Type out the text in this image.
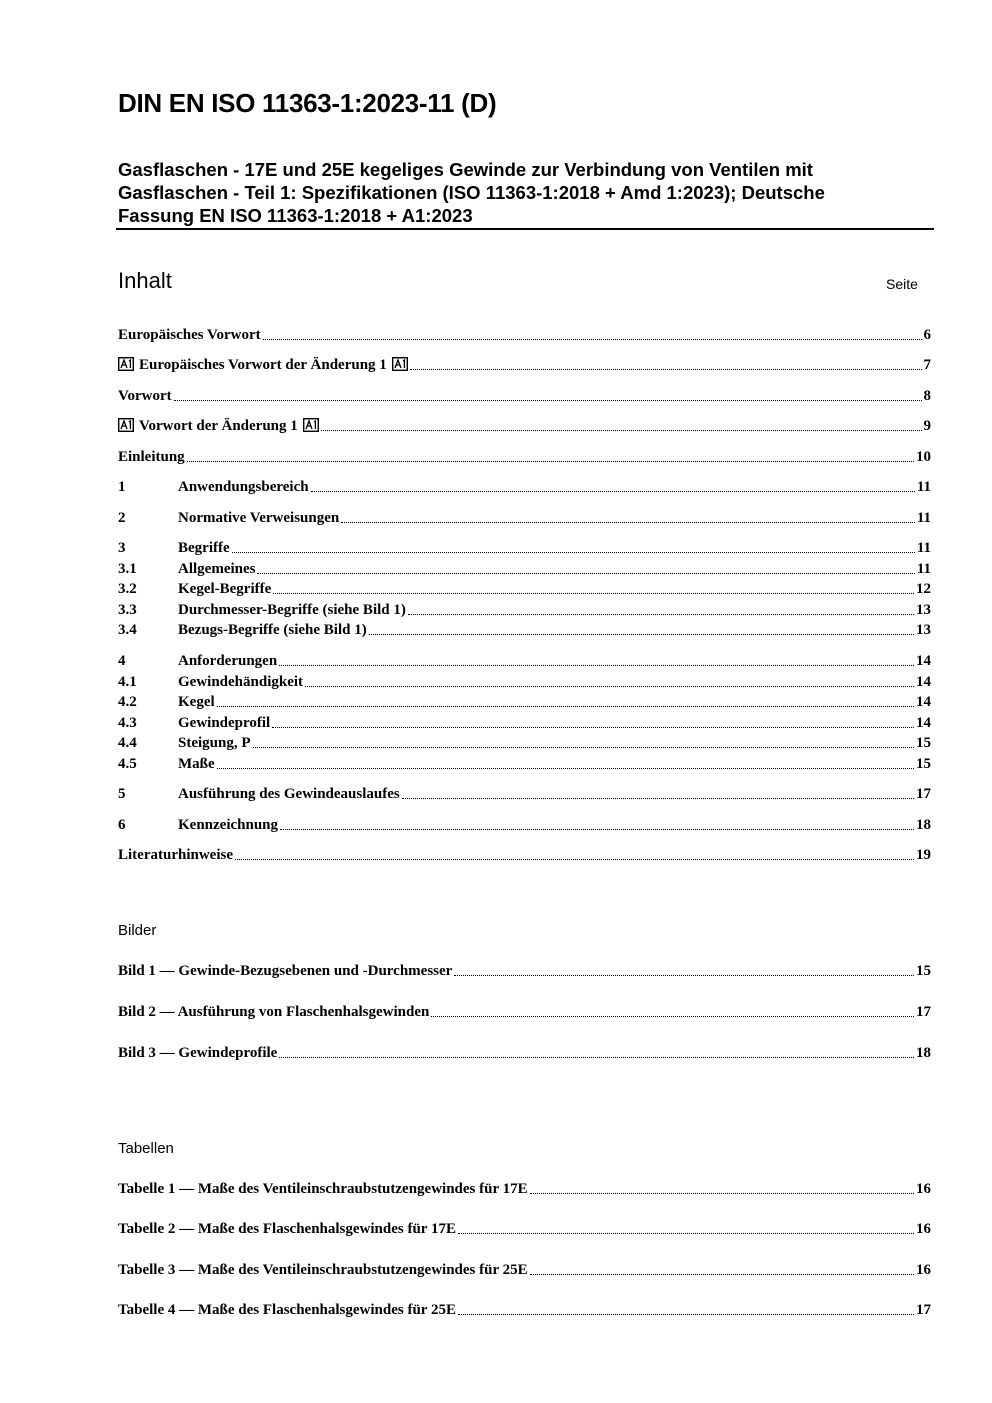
DIN EN ISO 11363-1:2023-11 (D)
Gasflaschen - 17E und 25E kegeliges Gewinde zur Verbindung von Ventilen mit
Gasflaschen - Teil 1: Spezifikationen (ISO 11363-1:2018 + Amd 1:2023); Deutsche
Fassung EN ISO 11363-1:2018 + A1:2023
Inhalt	Seite
Europäisches Vorwort	6
Europäisches Vorwort der Änderung 1	7
Vorwort	8
Vorwort der Änderung 1	9
Einleitung	10
1	Anwendungsbereich	11
2	Normative Verweisungen	11
3	Begriffe	11
3.1	Allgemeines	11
3.2	Kegel-Begriffe	12
3.3	Durchmesser-Begriffe (siehe Bild 1)	13
3.4	Bezugs-Begriffe (siehe Bild 1)	13
4	Anforderungen	14
4.1	Gewindehändigkeit	14
4.2	Kegel	14
4.3	Gewindeprofil	14
4.4	Steigung, P	15
4.5	Maße	15
5	Ausführung des Gewindeauslaufes	17
6	Kennzeichnung	18
Literaturhinweise	19
Bilder
Bild 1 — Gewinde-Bezugsebenen und -Durchmesser	15
Bild 2 — Ausführung von Flaschenhalsgewinden	17
Bild 3 — Gewindeprofile	18
Tabellen
Tabelle 1 — Maße des Ventileinschraubstutzengewindes für 17E	16
Tabelle 2 — Maße des Flaschenhalsgewindes für 17E	16
Tabelle 3 — Maße des Ventileinschraubstutzengewindes für 25E	16
Tabelle 4 — Maße des Flaschenhalsgewindes für 25E	17
